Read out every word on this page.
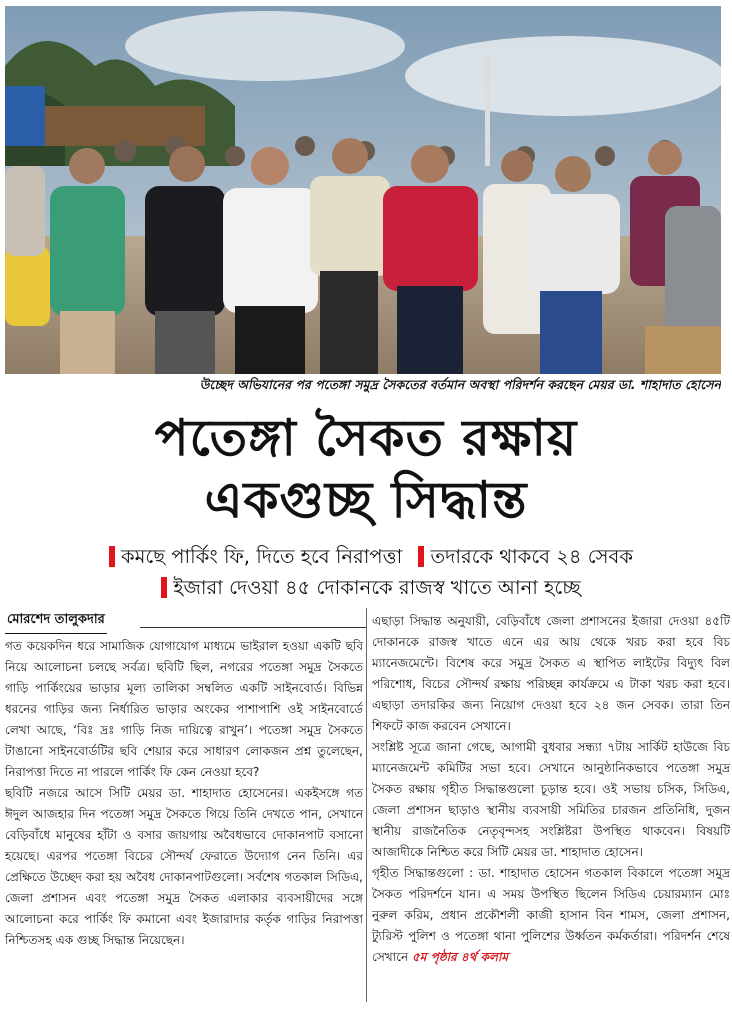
উচ্ছেদ অভিযানের পর পতেঙ্গা সমুদ্র সৈকতের বর্তমান অবস্থা পরিদর্শন করছেন মেয়র ডা. শাহাদাত হোসেন
পতেঙ্গা সৈকত রক্ষায়
একগুচ্ছ সিদ্ধান্ত
কমছে পার্কিং ফি, দিতে হবে নিরাপত্তা তদারকে থাকবে ২৪ সেবক
ইজারা দেওয়া ৪৫ দোকানকে রাজস্ব খাতে আনা হচ্ছে
মোরশেদ তালুকদার

গত কয়েকদিন ধরে সামাজিক যোগাযোগ মাধ্যমে ভাইরাল হওয়া একটি ছবি নিয়ে আলোচনা চলছে সর্বত্র। ছবিটি ছিল, নগরের পতেঙ্গা সমুদ্র সৈকতে গাড়ি পার্কিংয়ের ভাড়ার মূল্য তালিকা সম্বলিত একটি সাইনবোর্ড। বিভিন্ন ধরনের গাড়ির জন্য নির্ধারিত ভাড়ার অংকের পাশাপাশি ওই সাইনবোর্ডে লেখা আছে, ‘বিঃ দ্রঃ গাড়ি নিজ দায়িত্বে রাখুন’। পতেঙ্গা সমুদ্র সৈকতে টাঙানো সাইনবোর্ডটির ছবি শেয়ার করে সাধারণ লোকজন প্রশ্ন তুলেছেন, নিরাপত্তা দিতে না পারলে পার্কিং ফি কেন নেওয়া হবে?

ছবিটি নজরে আসে সিটি মেয়র ডা. শাহাদাত হোসেনের। একইসঙ্গে গত ঈদুল আজহার দিন পতেঙ্গা সমুদ্র সৈকতে গিয়ে তিনি দেখতে পান, সেখানে বেড়িবাঁধে মানুষের হাঁটা ও বসার জায়গায় অবৈধভাবে দোকানপাট বসানো হয়েছে। এরপর পতেঙ্গা বিচের সৌন্দর্য ফেরাতে উদ্যোগ নেন তিনি। এর প্রেক্ষিতে উচ্ছেদ করা হয় অবৈধ দোকানপাটগুলো। সর্বশেষ গতকাল সিডিএ, জেলা প্রশাসন এবং পতেঙ্গা সমুদ্র সৈকত এলাকার ব্যবসায়ীদের সঙ্গে আলোচনা করে পার্কিং ফি কমানো এবং ইজারাদার কর্তৃক গাড়ির নিরাপত্তা নিশ্চিতসহ এক গুচ্ছ সিদ্ধান্ত নিয়েছেন।

এছাড়া সিদ্ধান্ত অনুযায়ী, বেড়িবাঁধে জেলা প্রশাসনের ইজারা দেওয়া ৪৫টি দোকানকে রাজস্ব খাতে এনে এর আয় থেকে খরচ করা হবে বিচ ম্যানেজমেন্টে। বিশেষ করে সমুদ্র সৈকত এ স্থাপিত লাইটের বিদ্যুৎ বিল পরিশোধ, বিচের সৌন্দর্য রক্ষায় পরিচ্ছন্ন কার্যক্রমে এ টাকা খরচ করা হবে। এছাড়া তদারকির জন্য নিয়োগ দেওয়া হবে ২৪ জন সেবক। তারা তিন শিফটে কাজ করবেন সেখানে।

সংশ্লিষ্ট সূত্রে জানা গেছে, আগামী বুধবার সন্ধ্যা ৭টায় সার্কিট হাউজে বিচ ম্যানেজমেন্ট কমিটির সভা হবে। সেখানে আনুষ্ঠানিকভাবে পতেঙ্গা সমুদ্র সৈকত রক্ষায় গৃহীত সিদ্ধান্তগুলো চূড়ান্ত হবে। ওই সভায় চসিক, সিডিএ, জেলা প্রশাসন ছাড়াও স্থানীয় ব্যবসায়ী সমিতির চারজন প্রতিনিধি, দুজন স্থানীয় রাজনৈতিক নেতৃবৃন্দসহ সংশ্লিষ্টরা উপস্থিত থাকবেন। বিষয়টি আজাদীকে নিশ্চিত করে সিটি মেয়র ডা. শাহাদাত হোসেন।

গৃহীত সিদ্ধান্তগুলো : ডা. শাহাদাত হোসেন গতকাল বিকালে পতেঙ্গা সমুদ্র সৈকত পরিদর্শনে যান। এ সময় উপস্থিত ছিলেন সিডিএ চেয়ারম্যান মোঃ নুরুল করিম, প্রধান প্রকৌশলী কাজী হাসান বিন শামস, জেলা প্রশাসন, ট্যুরিস্ট পুলিশ ও পতেঙ্গা থানা পুলিশের উর্ধ্বতন কর্মকর্তারা। পরিদর্শন শেষে সেখানে ৫ম পৃষ্ঠার ৪র্থ কলাম
